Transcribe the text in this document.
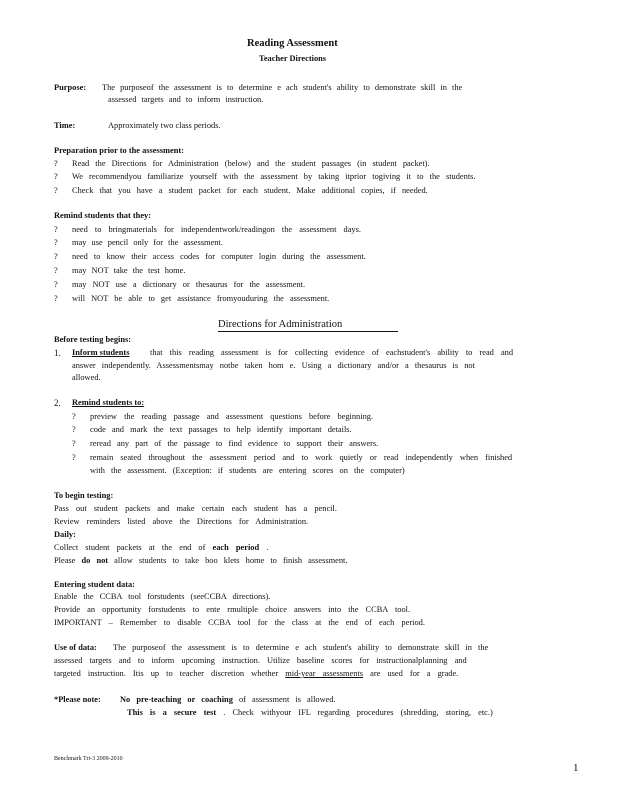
Reading Assessment
Teacher Directions
Purpose: The purposeof the assessment is to determine e ach student's ability to demonstrate skill in the
assessed targets and to inform instruction.
Time:	Approximately two class periods.
Preparation prior to the assessment:
? Read the Directions for Administration (below) and the student passages (in student packet).
? We recommendyou familiarize yourself with the assessment by taking itprior togiving it to the students.
? Check that you have a student packet for each student. Make additional copies, if needed.
Remind students that they:
? need to bringmaterials for independentwork/readingon the assessment days.
? may use pencil only for the assessment.
? need to know their access codes for computer login during the assessment.
? may NOT take the test home.
? may NOT use a dictionary or thesaurus for the assessment.
? will NOT be able to get assistance fromyouduring the assessment.
Directions for Administration
Before testing begins:
1. Inform students that this reading assessment is for collecting evidence of eachstudent's ability to read and
answer independently. Assessmentsmay notbe taken hom e. Using a dictionary and/or a thesaurus is not
allowed.
2. Remind students to:
? preview the reading passage and assessment questions before beginning.
? code and mark the text passages to help identify important details.
? reread any part of the passage to find evidence to support their answers.
? remain seated throughout the assessment period and to work quietly or read independently when finished
with the assessment. (Exception: if students are entering scores on the computer)
To begin testing:
Pass out student packets and make certain each student has a pencil.
Review reminders listed above the Directions for Administration.
Daily:
Collect student packets at the end of each period .
Please do not allow students to take boo klets home to finish assessment.
Entering student data:
Enable the CCBA tool forstudents (seeCCBA directions).
Provide an opportunity forstudents to ente rmultiple choice answers into the CCBA tool.
IMPORTANT – Remember to disable CCBA tool for the class at the end of each period.
Use of data: The purposeof the assessment is to determine e ach student's ability to demonstrate skill in the
assessed targets and to inform upcoming instruction. Utilize baseline scores for instructionalplanning and
targeted instruction. Itis up to teacher discretion whether mid-year assessments are used for a grade.
*Please note: No pre-teaching or coaching of assessment is allowed.
This is a secure test . Check withyour IFL regarding procedures (shredding, storing, etc.)
Benchmark Tri-3 2009-2010
1
